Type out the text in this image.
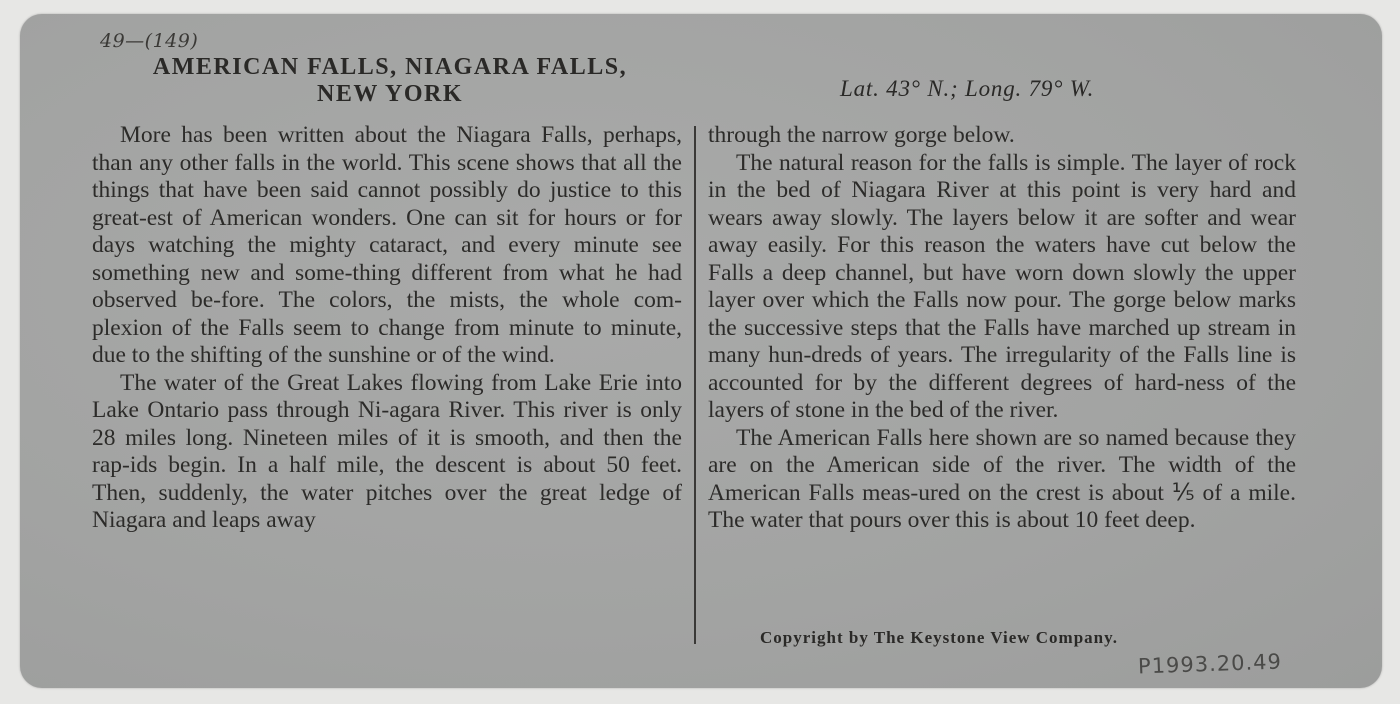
49—(149)
AMERICAN FALLS, NIAGARA FALLS,
NEW YORK	Lat. 43° N.; Long. 79° W.

More has been written about the Niagara Falls, perhaps, than any other falls in the world. This scene shows that all the things that have been said cannot possibly do justice to this great-est of American wonders. One can sit for hours or for days watching the mighty cataract, and every minute see something new and some-thing different from what he had observed be-fore. The colors, the mists, the whole com-plexion of the Falls seem to change from minute to minute, due to the shifting of the sunshine or of the wind.

The water of the Great Lakes flowing from Lake Erie into Lake Ontario pass through Ni-agara River. This river is only 28 miles long. Nineteen miles of it is smooth, and then the rap-ids begin. In a half mile, the descent is about 50 feet. Then, suddenly, the water pitches over the great ledge of Niagara and leaps away

through the narrow gorge below.

The natural reason for the falls is simple. The layer of rock in the bed of Niagara River at this point is very hard and wears away slowly. The layers below it are softer and wear away easily. For this reason the waters have cut below the Falls a deep channel, but have worn down slowly the upper layer over which the Falls now pour. The gorge below marks the successive steps that the Falls have marched up stream in many hun-dreds of years. The irregularity of the Falls line is accounted for by the different degrees of hard-ness of the layers of stone in the bed of the river.

The American Falls here shown are so named because they are on the American side of the river. The width of the American Falls meas-ured on the crest is about ⅕ of a mile. The water that pours over this is about 10 feet deep.

Copyright by The Keystone View Company.
P1993.20.49
